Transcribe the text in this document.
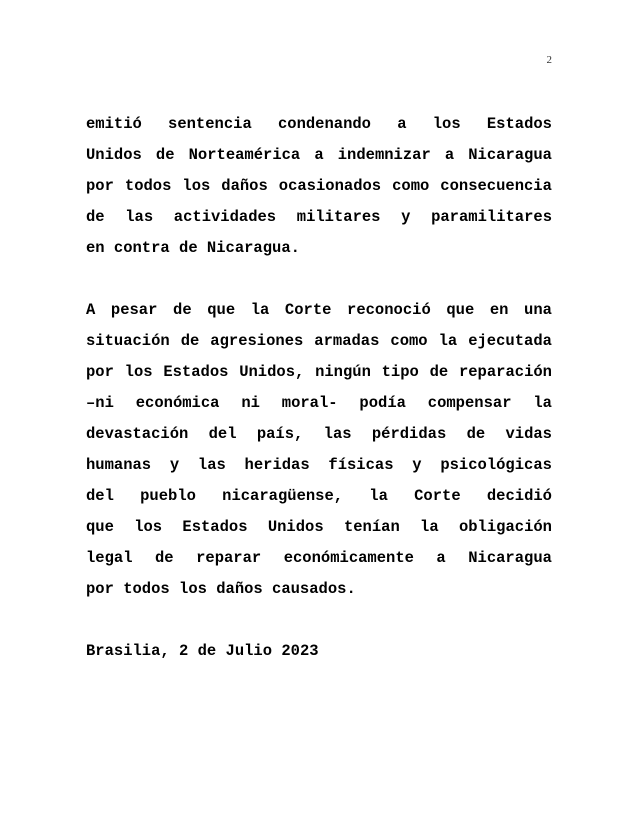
2
emitió sentencia condenando a los Estados
Unidos de Norteamérica a indemnizar a Nicaragua
por todos los daños ocasionados como consecuencia
de las actividades militares y paramilitares
en contra de Nicaragua.
A pesar de que la Corte reconoció que en una
situación de agresiones armadas como la ejecutada
por los Estados Unidos, ningún tipo de reparación
–ni económica ni moral- podía compensar la
devastación del país, las pérdidas de vidas
humanas y las heridas físicas y psicológicas
del pueblo nicaragüense, la Corte decidió
que los Estados Unidos tenían la obligación
legal de reparar económicamente a Nicaragua
por todos los daños causados.
Brasilia, 2 de Julio 2023
